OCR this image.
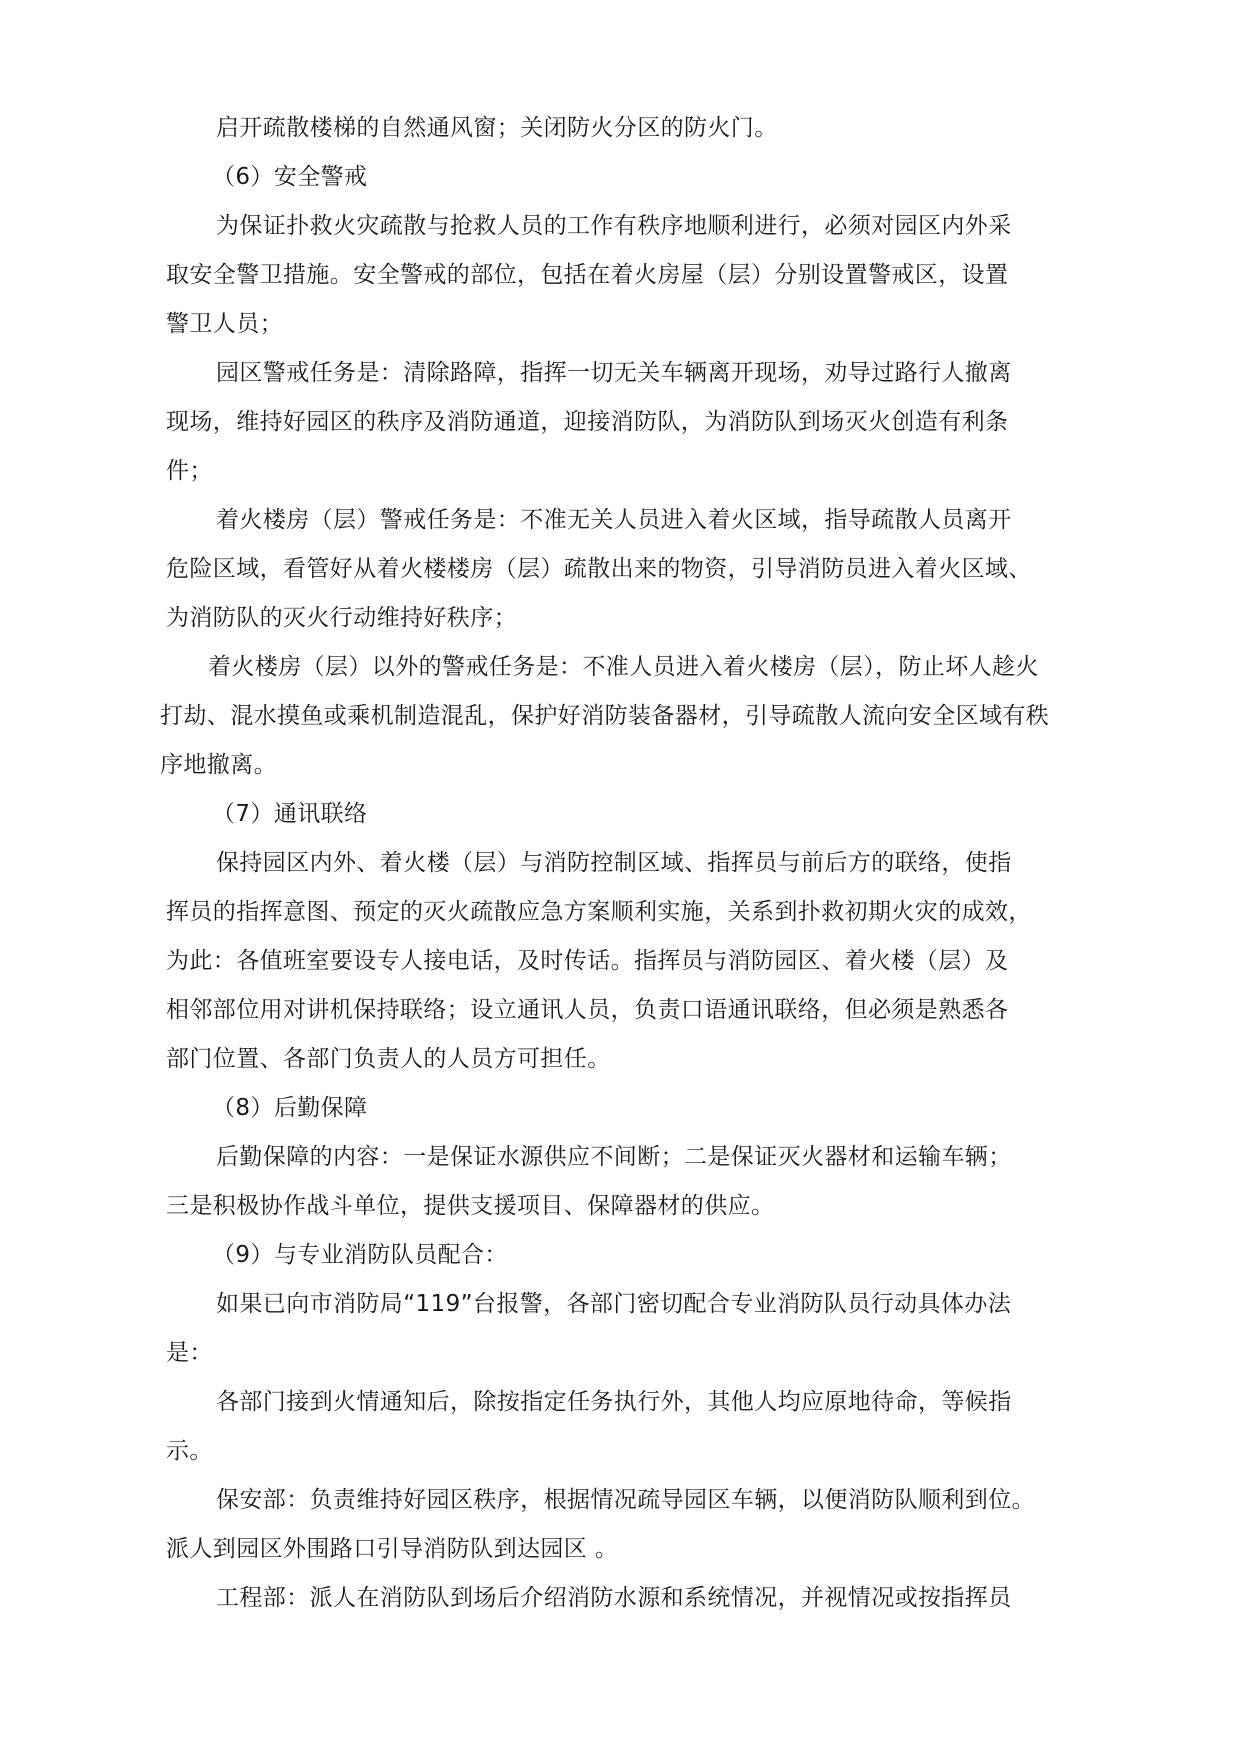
启开疏散楼梯的自然通风窗；关闭防火分区的防火门。
（6）安全警戒
为保证扑救火灾疏散与抢救人员的工作有秩序地顺利进行，必须对园区内外采
取安全警卫措施。安全警戒的部位，包括在着火房屋（层）分别设置警戒区，设置
警卫人员；
园区警戒任务是：清除路障，指挥一切无关车辆离开现场，劝导过路行人撤离
现场，维持好园区的秩序及消防通道，迎接消防队，为消防队到场灭火创造有利条
件；
着火楼房（层）警戒任务是：不准无关人员进入着火区域，指导疏散人员离开
危险区域，看管好从着火楼楼房（层）疏散出来的物资，引导消防员进入着火区域、
为消防队的灭火行动维持好秩序；
着火楼房（层）以外的警戒任务是：不准人员进入着火楼房（层），防止坏人趁火
打劫、混水摸鱼或乘机制造混乱，保护好消防装备器材，引导疏散人流向安全区域有秩
序地撤离。
（7）通讯联络
保持园区内外、着火楼（层）与消防控制区域、指挥员与前后方的联络，使指
挥员的指挥意图、预定的灭火疏散应急方案顺利实施，关系到扑救初期火灾的成效，
为此：各值班室要设专人接电话，及时传话。指挥员与消防园区、着火楼（层）及
相邻部位用对讲机保持联络；设立通讯人员，负责口语通讯联络，但必须是熟悉各
部门位置、各部门负责人的人员方可担任。
（8）后勤保障
后勤保障的内容：一是保证水源供应不间断；二是保证灭火器材和运输车辆；
三是积极协作战斗单位，提供支援项目、保障器材的供应。
（9）与专业消防队员配合：
如果已向市消防局“119”台报警，各部门密切配合专业消防队员行动具体办法
是：
各部门接到火情通知后，除按指定任务执行外，其他人均应原地待命，等候指
示。
保安部：负责维持好园区秩序，根据情况疏导园区车辆，以便消防队顺利到位。
派人到园区外围路口引导消防队到达园区 。
工程部：派人在消防队到场后介绍消防水源和系统情况，并视情况或按指挥员
